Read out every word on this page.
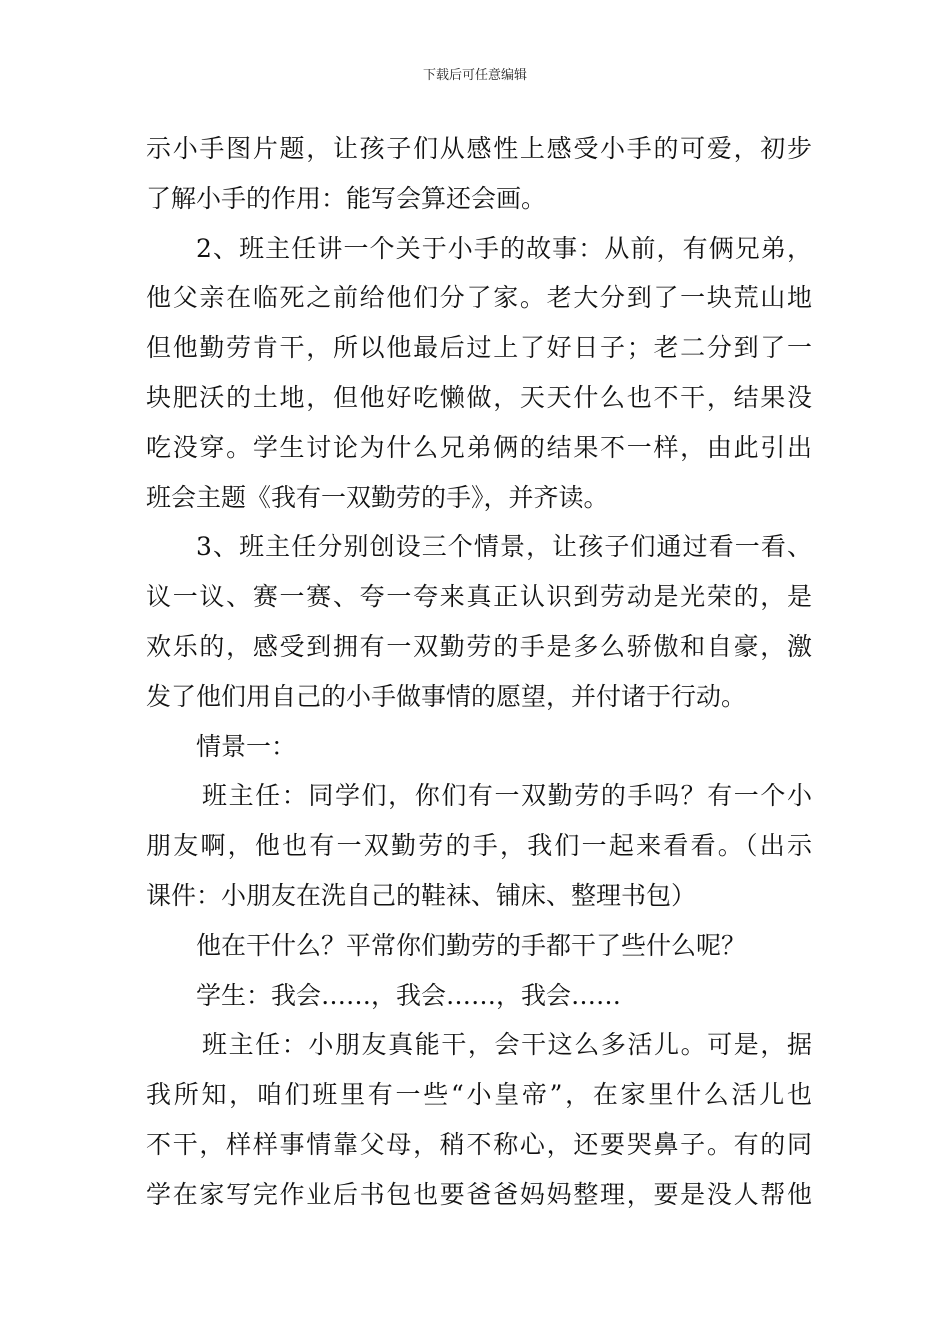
下载后可任意编辑
示小手图片题，让孩子们从感性上感受小手的可爱，初步
了解小手的作用：能写会算还会画。
2、班主任讲一个关于小手的故事：从前，有俩兄弟，
他父亲在临死之前给他们分了家。老大分到了一块荒山地
但他勤劳肯干，所以他最后过上了好日子；老二分到了一
块肥沃的土地，但他好吃懒做，天天什么也不干，结果没
吃没穿。学生讨论为什么兄弟俩的结果不一样，由此引出
班会主题《我有一双勤劳的手》，并齐读。
3、班主任分别创设三个情景，让孩子们通过看一看、
议一议、赛一赛、夸一夸来真正认识到劳动是光荣的，是
欢乐的，感受到拥有一双勤劳的手是多么骄傲和自豪，激
发了他们用自己的小手做事情的愿望，并付诸于行动。
情景一：
班主任：同学们，你们有一双勤劳的手吗？有一个小
朋友啊，他也有一双勤劳的手，我们一起来看看。（出示
课件：小朋友在洗自己的鞋袜、铺床、整理书包）
他在干什么？平常你们勤劳的手都干了些什么呢？
学生：我会……，我会……，我会……
班主任：小朋友真能干，会干这么多活儿。可是，据
我所知，咱们班里有一些“小皇帝”，在家里什么活儿也
不干，样样事情靠父母，稍不称心，还要哭鼻子。有的同
学在家写完作业后书包也要爸爸妈妈整理，要是没人帮他
